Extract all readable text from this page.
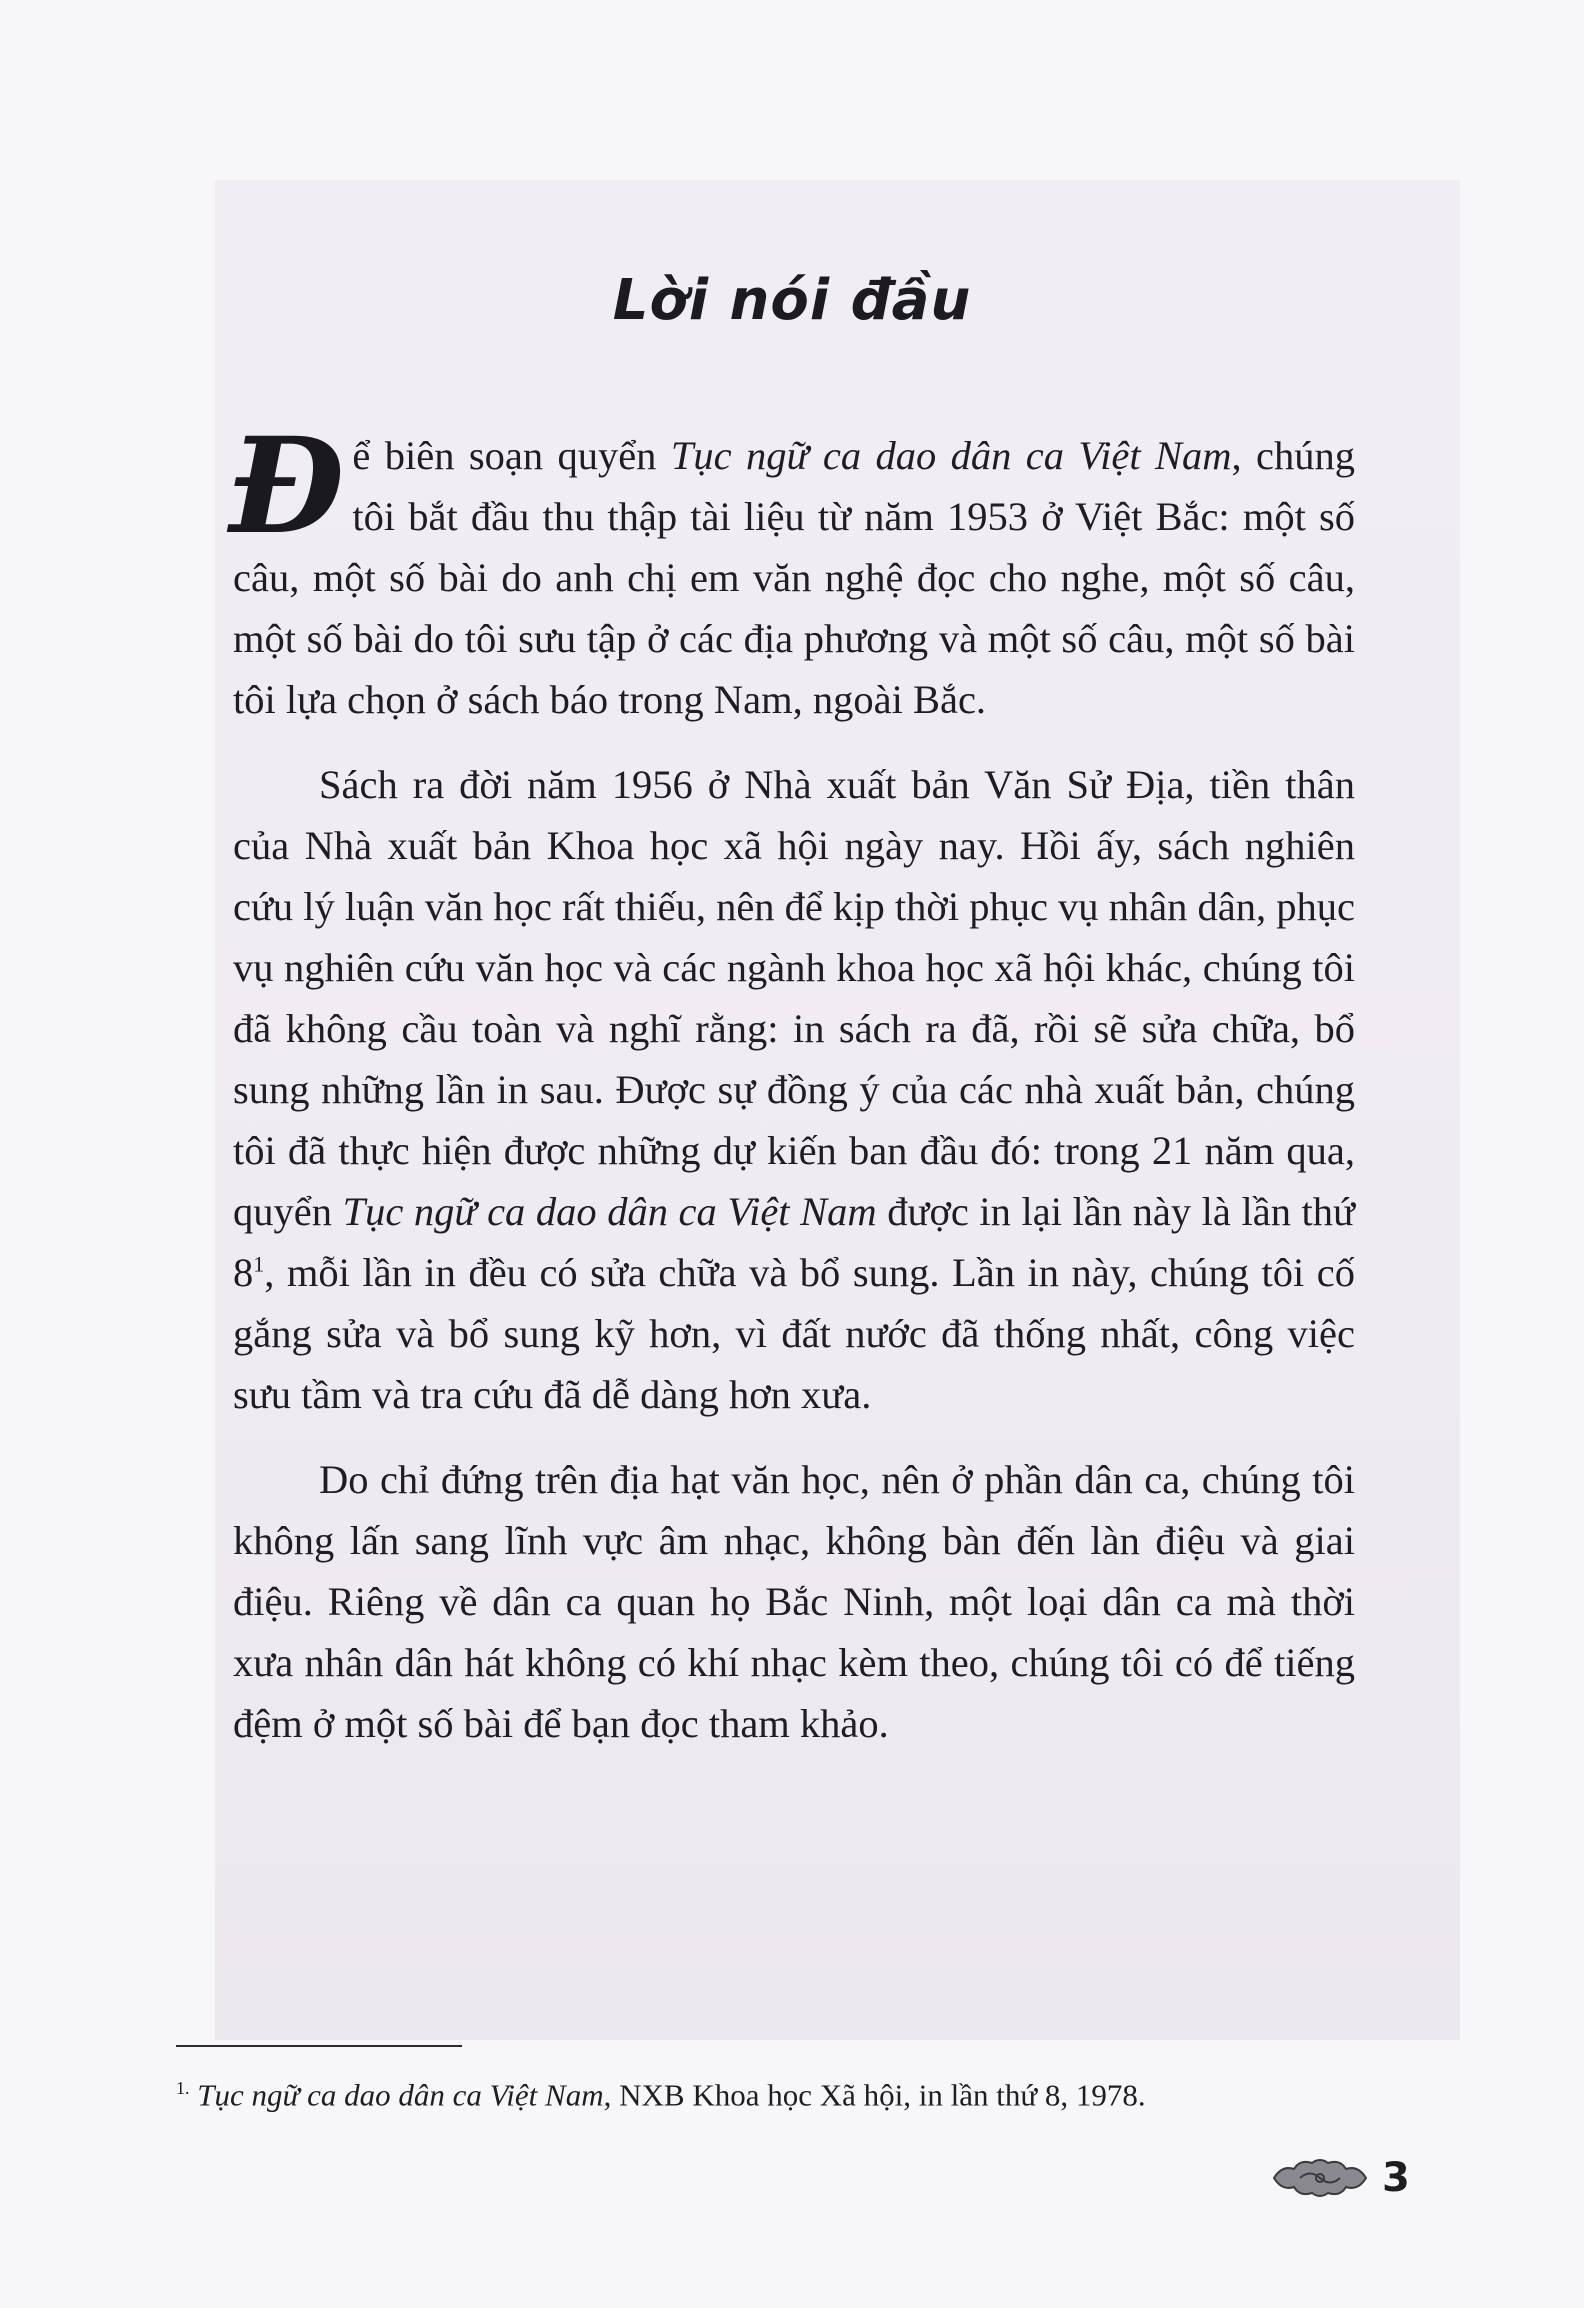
Lời nói đầu

Để biên soạn quyển Tục ngữ ca dao dân ca Việt Nam, chúng tôi bắt đầu thu thập tài liệu từ năm 1953 ở Việt Bắc: một số câu, một số bài do anh chị em văn nghệ đọc cho nghe, một số câu, một số bài do tôi sưu tập ở các địa phương và một số câu, một số bài tôi lựa chọn ở sách báo trong Nam, ngoài Bắc.

Sách ra đời năm 1956 ở Nhà xuất bản Văn Sử Địa, tiền thân của Nhà xuất bản Khoa học xã hội ngày nay. Hồi ấy, sách nghiên cứu lý luận văn học rất thiếu, nên để kịp thời phục vụ nhân dân, phục vụ nghiên cứu văn học và các ngành khoa học xã hội khác, chúng tôi đã không cầu toàn và nghĩ rằng: in sách ra đã, rồi sẽ sửa chữa, bổ sung những lần in sau. Được sự đồng ý của các nhà xuất bản, chúng tôi đã thực hiện được những dự kiến ban đầu đó: trong 21 năm qua, quyển Tục ngữ ca dao dân ca Việt Nam được in lại lần này là lần thứ 8$^1$, mỗi lần in đều có sửa chữa và bổ sung. Lần in này, chúng tôi cố gắng sửa và bổ sung kỹ hơn, vì đất nước đã thống nhất, công việc sưu tầm và tra cứu đã dễ dàng hơn xưa.

Do chỉ đứng trên địa hạt văn học, nên ở phần dân ca, chúng tôi không lấn sang lĩnh vực âm nhạc, không bàn đến làn điệu và giai điệu. Riêng về dân ca quan họ Bắc Ninh, một loại dân ca mà thời xưa nhân dân hát không có khí nhạc kèm theo, chúng tôi có để tiếng đệm ở một số bài để bạn đọc tham khảo.

$^{1.}$ Tục ngữ ca dao dân ca Việt Nam, NXB Khoa học Xã hội, in lần thứ 8, 1978.
3
